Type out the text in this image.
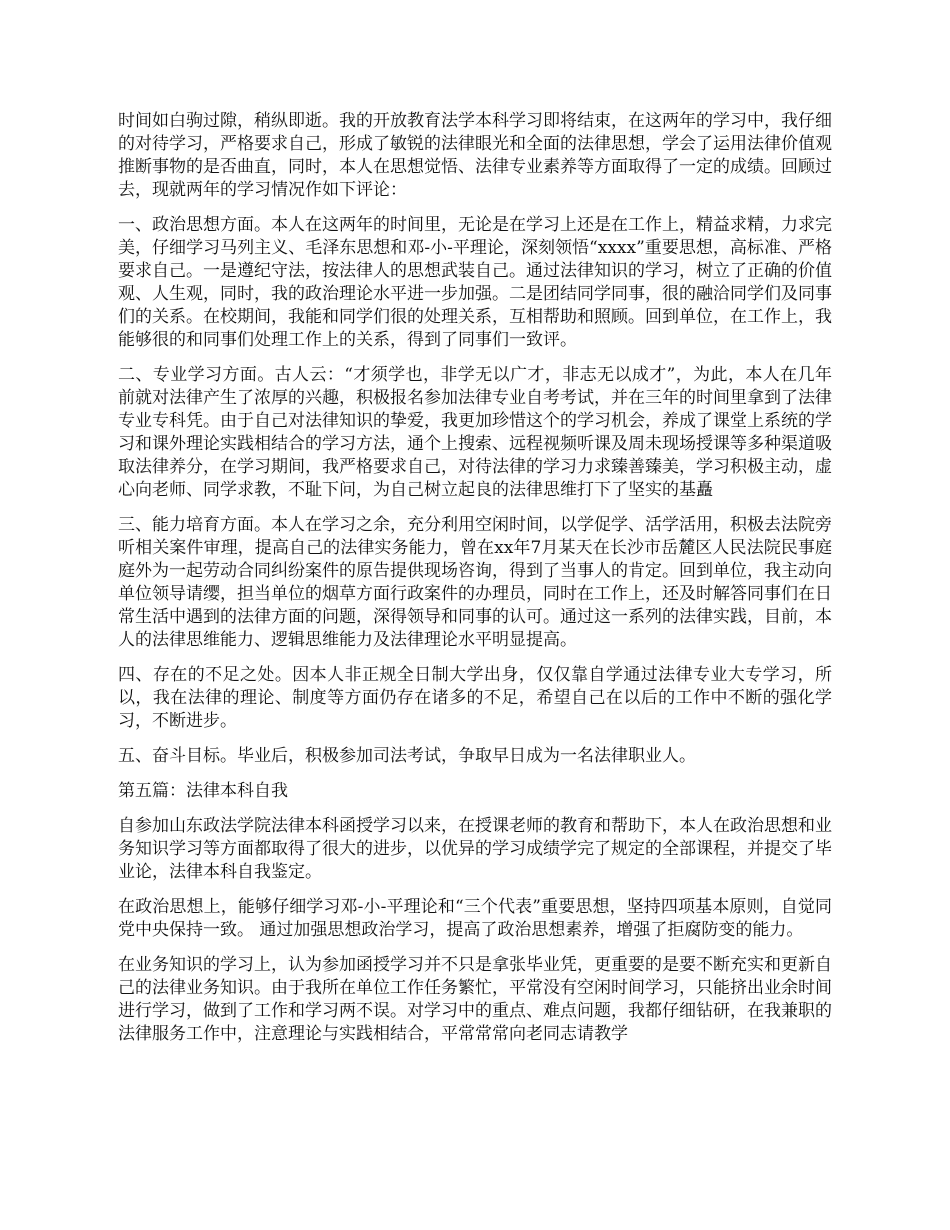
时间如白驹过隙，稍纵即逝。我的开放教育法学本科学习即将结束，在这两年的学习中，我仔细的对待学习，严格要求自己，形成了敏锐的法律眼光和全面的法律思想，学会了运用法律价值观推断事物的是否曲直，同时，本人在思想觉悟、法律专业素养等方面取得了一定的成绩。回顾过去，现就两年的学习情况作如下评论：

一、政治思想方面。本人在这两年的时间里，无论是在学习上还是在工作上，精益求精，力求完美，仔细学习马列主义、毛泽东思想和邓-小-平理论，深刻领悟“xxxx”重要思想，高标准、严格要求自己。一是遵纪守法，按法律人的思想武装自己。通过法律知识的学习，树立了正确的价值观、人生观，同时，我的政治理论水平进一步加强。二是团结同学同事，很的融洽同学们及同事们的关系。在校期间，我能和同学们很的处理关系，互相帮助和照顾。回到单位，在工作上，我能够很的和同事们处理工作上的关系，得到了同事们一致评。

二、专业学习方面。古人云：“才须学也，非学无以广才，非志无以成才”，为此，本人在几年前就对法律产生了浓厚的兴趣，积极报名参加法律专业自考考试，并在三年的时间里拿到了法律专业专科凭。由于自己对法律知识的挚爱，我更加珍惜这个的学习机会，养成了课堂上系统的学习和课外理论实践相结合的学习方法，通个上搜索、远程视频听课及周未现场授课等多种渠道吸取法律养分，在学习期间，我严格要求自己，对待法律的学习力求臻善臻美，学习积极主动，虚心向老师、同学求教，不耻下问，为自己树立起良的法律思维打下了坚实的基矗

三、能力培育方面。本人在学习之余，充分利用空闲时间，以学促学、活学活用，积极去法院旁听相关案件审理，提高自己的法律实务能力，曾在xx年7月某天在长沙市岳麓区人民法院民事庭庭外为一起劳动合同纠纷案件的原告提供现场咨询，得到了当事人的肯定。回到单位，我主动向单位领导请缨，担当单位的烟草方面行政案件的办理员，同时在工作上，还及时解答同事们在日常生活中遇到的法律方面的问题，深得领导和同事的认可。通过这一系列的法律实践，目前，本人的法律思维能力、逻辑思维能力及法律理论水平明显提高。

四、存在的不足之处。因本人非正规全日制大学出身，仅仅靠自学通过法律专业大专学习，所以，我在法律的理论、制度等方面仍存在诸多的不足，希望自己在以后的工作中不断的强化学习，不断进步。

五、奋斗目标。毕业后，积极参加司法考试，争取早日成为一名法律职业人。

第五篇：法律本科自我

自参加山东政法学院法律本科函授学习以来，在授课老师的教育和帮助下，本人在政治思想和业务知识学习等方面都取得了很大的进步，以优异的学习成绩学完了规定的全部课程，并提交了毕业论，法律本科自我鉴定。

在政治思想上，能够仔细学习邓-小-平理论和“三个代表”重要思想，坚持四项基本原则，自觉同党中央保持一致。 通过加强思想政治学习，提高了政治思想素养，增强了拒腐防变的能力。

在业务知识的学习上，认为参加函授学习并不只是拿张毕业凭，更重要的是要不断充实和更新自己的法律业务知识。由于我所在单位工作任务繁忙，平常没有空闲时间学习，只能挤出业余时间进行学习，做到了工作和学习两不误。对学习中的重点、难点问题，我都仔细钻研，在我兼职的法律服务工作中，注意理论与实践相结合，平常常常向老同志请教学
